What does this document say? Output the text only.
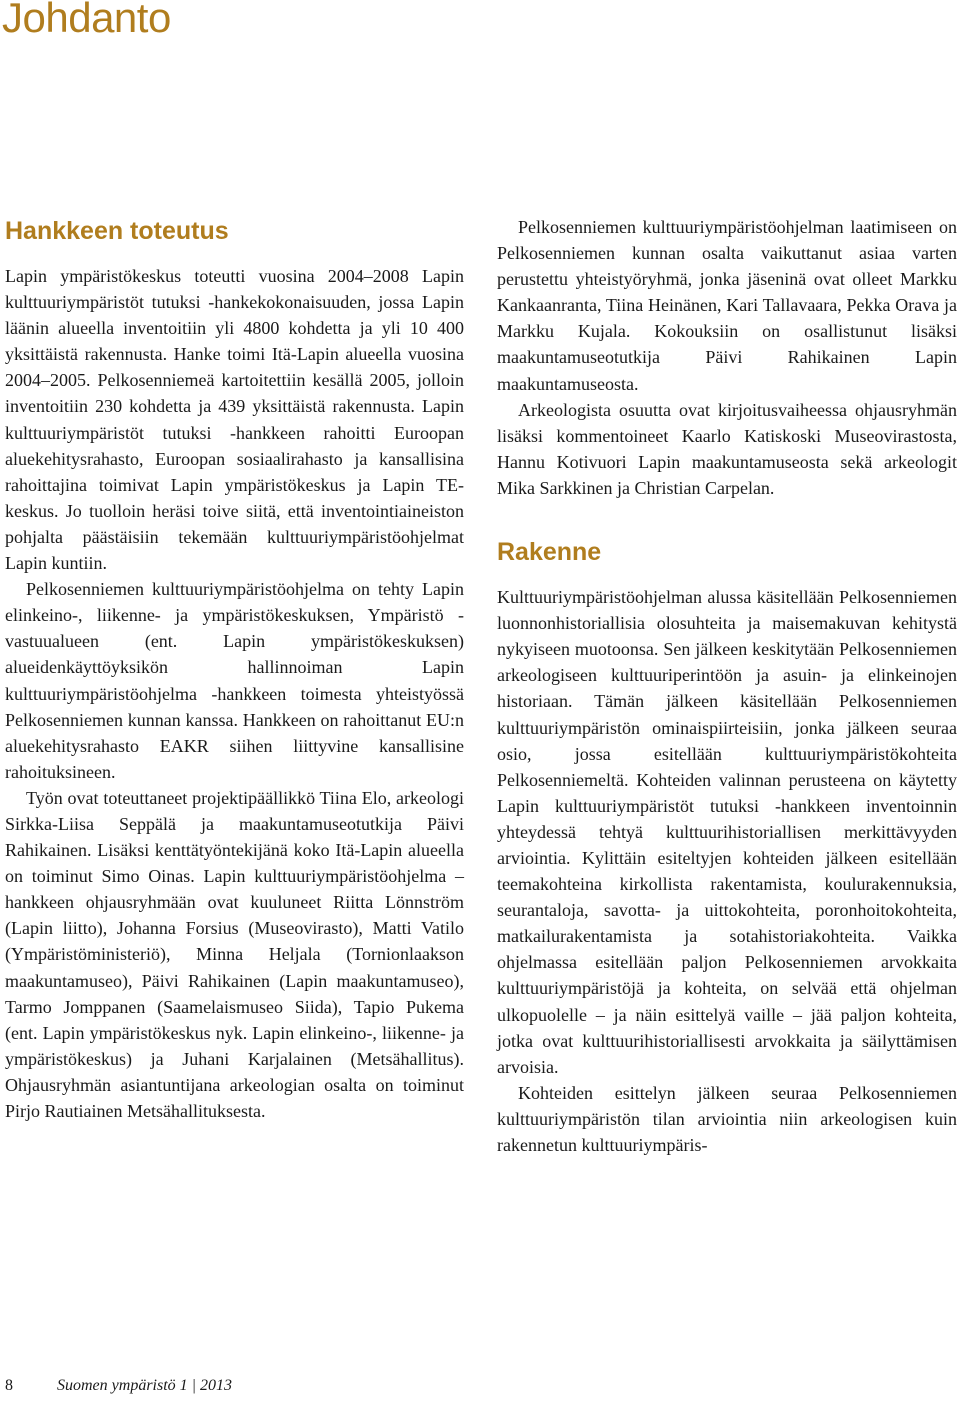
Johdanto
Hankkeen toteutus

Lapin ympäristökeskus toteutti vuosina 2004–2008 Lapin kulttuuriympäristöt tutuksi -hankekokonaisuuden, jossa Lapin läänin alueella inventoitiin yli 4800 kohdetta ja yli 10 400 yksittäistä rakennusta. Hanke toimi Itä-Lapin alueella vuosina 2004–2005. Pelkosenniemeä kartoitettiin kesällä 2005, jolloin inventoitiin 230 kohdetta ja 439 yksittäistä rakennusta. Lapin kulttuuriympäristöt tutuksi -hankkeen rahoitti Euroopan aluekehitysrahasto, Euroopan sosiaalirahasto ja kansallisina rahoittajina toimivat Lapin ympäristökeskus ja Lapin TE-keskus. Jo tuolloin heräsi toive siitä, että inventointiaineiston pohjalta päästäisiin tekemään kulttuuriympäristöohjelmat Lapin kuntiin.

Pelkosenniemen kulttuuriympäristöohjelma on tehty Lapin elinkeino-, liikenne- ja ympäristökeskuksen, Ympäristö -vastuualueen (ent. Lapin ympäristökeskuksen) alueidenkäyttöyksikön hallinnoiman Lapin kulttuuriympäristöohjelma -hankkeen toimesta yhteistyössä Pelkosenniemen kunnan kanssa. Hankkeen on rahoittanut EU:n aluekehitysrahasto EAKR siihen liittyvine kansallisine rahoituksineen.

Työn ovat toteuttaneet projektipäällikkö Tiina Elo, arkeologi Sirkka-Liisa Seppälä ja maakuntamuseotutkija Päivi Rahikainen. Lisäksi kenttätyöntekijänä koko Itä-Lapin alueella on toiminut Simo Oinas. Lapin kulttuuriympäristöohjelma –hankkeen ohjausryhmään ovat kuuluneet Riitta Lönnström (Lapin liitto), Johanna Forsius (Museovirasto), Matti Vatilo (Ympäristöministeriö), Minna Heljala (Tornionlaakson maakuntamuseo), Päivi Rahikainen (Lapin maakuntamuseo), Tarmo Jomppanen (Saamelaismuseo Siida), Tapio Pukema (ent. Lapin ympäristökeskus nyk. Lapin elinkeino-, liikenne- ja ympäristökeskus) ja Juhani Karjalainen (Metsähallitus). Ohjausryhmän asiantuntijana arkeologian osalta on toiminut Pirjo Rautiainen Metsähallituksesta.

Pelkosenniemen kulttuuriympäristöohjelman laatimiseen on Pelkosenniemen kunnan osalta vaikuttanut asiaa varten perustettu yhteistyöryhmä, jonka jäseninä ovat olleet Markku Kankaanranta, Tiina Heinänen, Kari Tallavaara, Pekka Orava ja Markku Kujala. Kokouksiin on osallistunut lisäksi maakuntamuseotutkija Päivi Rahikainen Lapin maakuntamuseosta.

Arkeologista osuutta ovat kirjoitusvaiheessa ohjausryhmän lisäksi kommentoineet Kaarlo Katiskoski Museovirastosta, Hannu Kotivuori Lapin maakuntamuseosta sekä arkeologit Mika Sarkkinen ja Christian Carpelan.

Rakenne

Kulttuuriympäristöohjelman alussa käsitellään Pelkosenniemen luonnonhistoriallisia olosuhteita ja maisemakuvan kehitystä nykyiseen muotoonsa. Sen jälkeen keskitytään Pelkosenniemen arkeologiseen kulttuuriperintöön ja asuin- ja elinkeinojen historiaan. Tämän jälkeen käsitellään Pelkosenniemen kulttuuriympäristön ominaispiirteisiin, jonka jälkeen seuraa osio, jossa esitellään kulttuuriympäristökohteita Pelkosenniemeltä. Kohteiden valinnan perusteena on käytetty Lapin kulttuuriympäristöt tutuksi -hankkeen inventoinnin yhteydessä tehtyä kulttuurihistoriallisen merkittävyyden arviointia. Kylittäin esiteltyjen kohteiden jälkeen esitellään teemakohteina kirkollista rakentamista, koulurakennuksia, seurantaloja, savotta- ja uittokohteita, poronhoitokohteita, matkailurakentamista ja sotahistoriakohteita. Vaikka ohjelmassa esitellään paljon Pelkosenniemen arvokkaita kulttuuriympäristöjä ja kohteita, on selvää että ohjelman ulkopuolelle – ja näin esittelyä vaille – jää paljon kohteita, jotka ovat kulttuurihistoriallisesti arvokkaita ja säilyttämisen arvoisia.

Kohteiden esittelyn jälkeen seuraa Pelkosenniemen kulttuuriympäristön tilan arviointia niin arkeologisen kuin rakennetun kulttuuriympäris-

8	Suomen ympäristö 1 | 2013
